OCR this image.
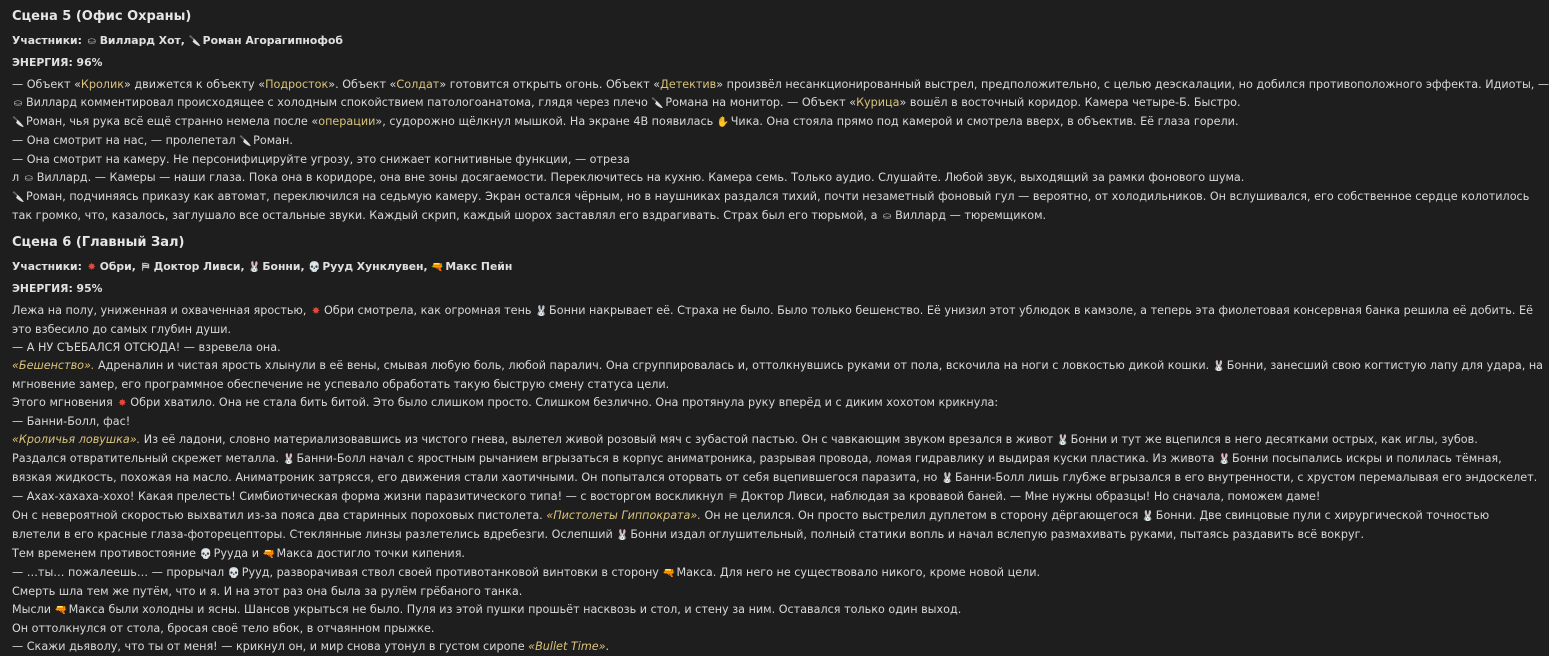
Сцена 5 (Офис Охраны)
Участники: ⛀ Виллард Хот, 🔪 Роман Агорагипнофоб
ЭНЕРГИЯ: 96%
— Объект «Кролик» движется к объекту «Подросток». Объект «Солдат» готовится открыть огонь. Объект «Детектив» произвёл несанкционированный выстрел, предположительно, с целью деэскалации, но добился противоположного эффекта. Идиоты, —
⛀ Виллард комментировал происходящее с холодным спокойствием патологоанатома, глядя через плечо 🔪 Романа на монитор. — Объект «Курица» вошёл в восточный коридор. Камера четыре-Б. Быстро.
🔪 Роман, чья рука всё ещё странно немела после «операции», судорожно щёлкнул мышкой. На экране 4В появилась ✋ Чика. Она стояла прямо под камерой и смотрела вверх, в объектив. Её глаза горели.
— Она смотрит на нас, — пролепетал 🔪 Роман.
— Она смотрит на камеру. Не персонифицируйте угрозу, это снижает когнитивные функции, — отреза
л ⛀ Виллард. — Камеры — наши глаза. Пока она в коридоре, она вне зоны досягаемости. Переключитесь на кухню. Камера семь. Только аудио. Слушайте. Любой звук, выходящий за рамки фонового шума.
🔪 Роман, подчиняясь приказу как автомат, переключился на седьмую камеру. Экран остался чёрным, но в наушниках раздался тихий, почти незаметный фоновый гул — вероятно, от холодильников. Он вслушивался, его собственное сердце колотилось
так громко, что, казалось, заглушало все остальные звуки. Каждый скрип, каждый шорох заставлял его вздрагивать. Страх был его тюрьмой, а ⛀ Виллард — тюремщиком.
Сцена 6 (Главный Зал)
Участники: ✸ Обри, ⛿ Доктор Ливси, 🐰 Бонни, 💀 Рууд Хунклувен, 🔫 Макс Пейн
ЭНЕРГИЯ: 95%
Лежа на полу, униженная и охваченная яростью, ✸ Обри смотрела, как огромная тень 🐰 Бонни накрывает её. Страха не было. Было только бешенство. Её унизил этот ублюдок в камзоле, а теперь эта фиолетовая консервная банка решила её добить. Её
это взбесило до самых глубин души.
— А НУ СЪЕБАЛСЯ ОТСЮДА! — взревела она.
«Бешенство». Адреналин и чистая ярость хлынули в её вены, смывая любую боль, любой паралич. Она сгруппировалась и, оттолкнувшись руками от пола, вскочила на ноги с ловкостью дикой кошки. 🐰 Бонни, занесший свою когтистую лапу для удара, на
мгновение замер, его программное обеспечение не успевало обработать такую быструю смену статуса цели.
Этого мгновения ✸ Обри хватило. Она не стала бить битой. Это было слишком просто. Слишком безлично. Она протянула руку вперёд и с диким хохотом крикнула:
— Банни-Болл, фас!
«Кроличья ловушка». Из её ладони, словно материализовавшись из чистого гнева, вылетел живой розовый мяч с зубастой пастью. Он с чавкающим звуком врезался в живот 🐰 Бонни и тут же вцепился в него десятками острых, как иглы, зубов.
Раздался отвратительный скрежет металла. 🐰 Банни-Болл начал с яростным рычанием вгрызаться в корпус аниматроника, разрывая провода, ломая гидравлику и выдирая куски пластика. Из живота 🐰 Бонни посыпались искры и полилась тёмная,
вязкая жидкость, похожая на масло. Аниматроник затрясся, его движения стали хаотичными. Он попытался оторвать от себя вцепившегося паразита, но 🐰 Банни-Болл лишь глубже вгрызался в его внутренности, с хрустом перемалывая его эндоскелет.
— Ахах-хахаха-хохо! Какая прелесть! Симбиотическая форма жизни паразитического типа! — с восторгом воскликнул ⛿ Доктор Ливси, наблюдая за кровавой баней. — Мне нужны образцы! Но сначала, поможем даме!
Он с невероятной скоростью выхватил из-за пояса два старинных пороховых пистолета. «Пистолеты Гиппократа». Он не целился. Он просто выстрелил дуплетом в сторону дёргающегося 🐰 Бонни. Две свинцовые пули с хирургической точностью
влетели в его красные глаза-фоторецепторы. Стеклянные линзы разлетелись вдребезги. Ослепший 🐰 Бонни издал оглушительный, полный статики вопль и начал вслепую размахивать руками, пытаясь раздавить всё вокруг.
Тем временем противостояние 💀 Рууда и 🔫 Макса достигло точки кипения.
— …ты… пожалеешь… — прорычал 💀 Рууд, разворачивая ствол своей противотанковой винтовки в сторону 🔫 Макса. Для него не существовало никого, кроме новой цели.
Смерть шла тем же путём, что и я. И на этот раз она была за рулём грёбаного танка.
Мысли 🔫 Макса были холодны и ясны. Шансов укрыться не было. Пуля из этой пушки прошьёт насквозь и стол, и стену за ним. Оставался только один выход.
Он оттолкнулся от стола, бросая своё тело вбок, в отчаянном прыжке.
— Скажи дьяволу, что ты от меня! — крикнул он, и мир снова утонул в густом сиропе «Bullet Time».
